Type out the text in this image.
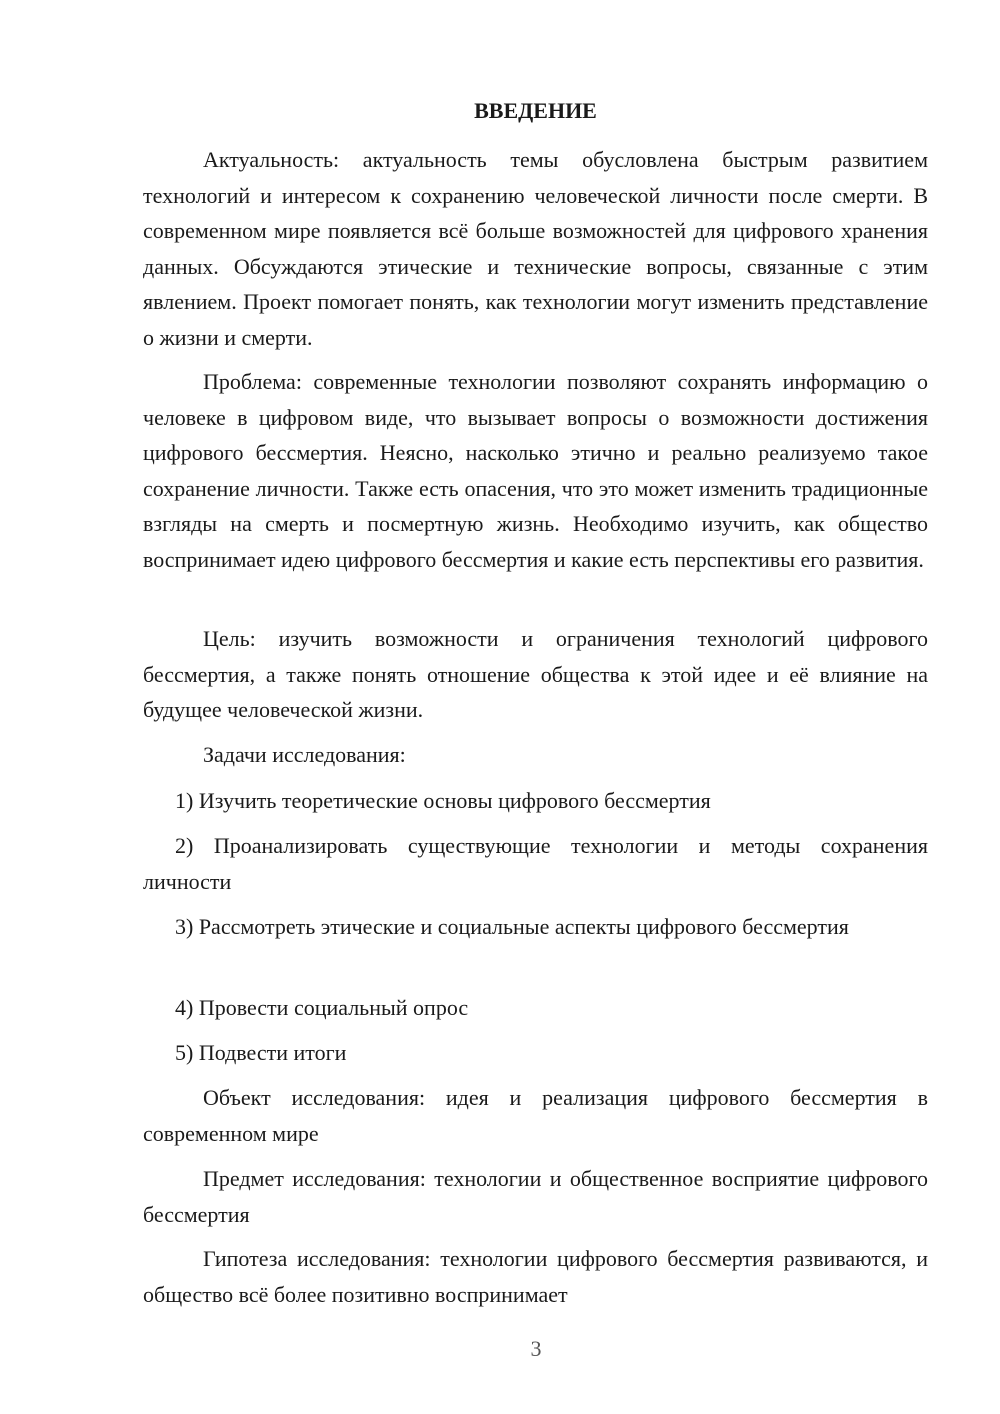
ВВЕДЕНИЕ

Актуальность: актуальность темы обусловлена быстрым развитием технологий и интересом к сохранению человеческой личности после смерти. В современном мире появляется всё больше возможностей для цифрового хранения данных. Обсуждаются этические и технические вопросы, связанные с этим явлением. Проект помогает понять, как технологии могут изменить представление о жизни и смерти.

Проблема: современные технологии позволяют сохранять информацию о человеке в цифровом виде, что вызывает вопросы о возможности достижения цифрового бессмертия. Неясно, насколько этично и реально реализуемо такое сохранение личности. Также есть опасения, что это может изменить традиционные взгляды на смерть и посмертную жизнь. Необходимо изучить, как общество воспринимает идею цифрового бессмертия и какие есть перспективы его развития.

Цель: изучить возможности и ограничения технологий цифрового бессмертия, а также понять отношение общества к этой идее и её влияние на будущее человеческой жизни.

Задачи исследования:

1) Изучить теоретические основы цифрового бессмертия

2) Проанализировать существующие технологии и методы сохранения личности

3) Рассмотреть этические и социальные аспекты цифрового бессмертия

4) Провести социальный опрос

5) Подвести итоги

Объект исследования: идея и реализация цифрового бессмертия в современном мире

Предмет исследования: технологии и общественное восприятие цифрового бессмертия

Гипотеза исследования: технологии цифрового бессмертия развиваются, и общество всё более позитивно воспринимает

3
